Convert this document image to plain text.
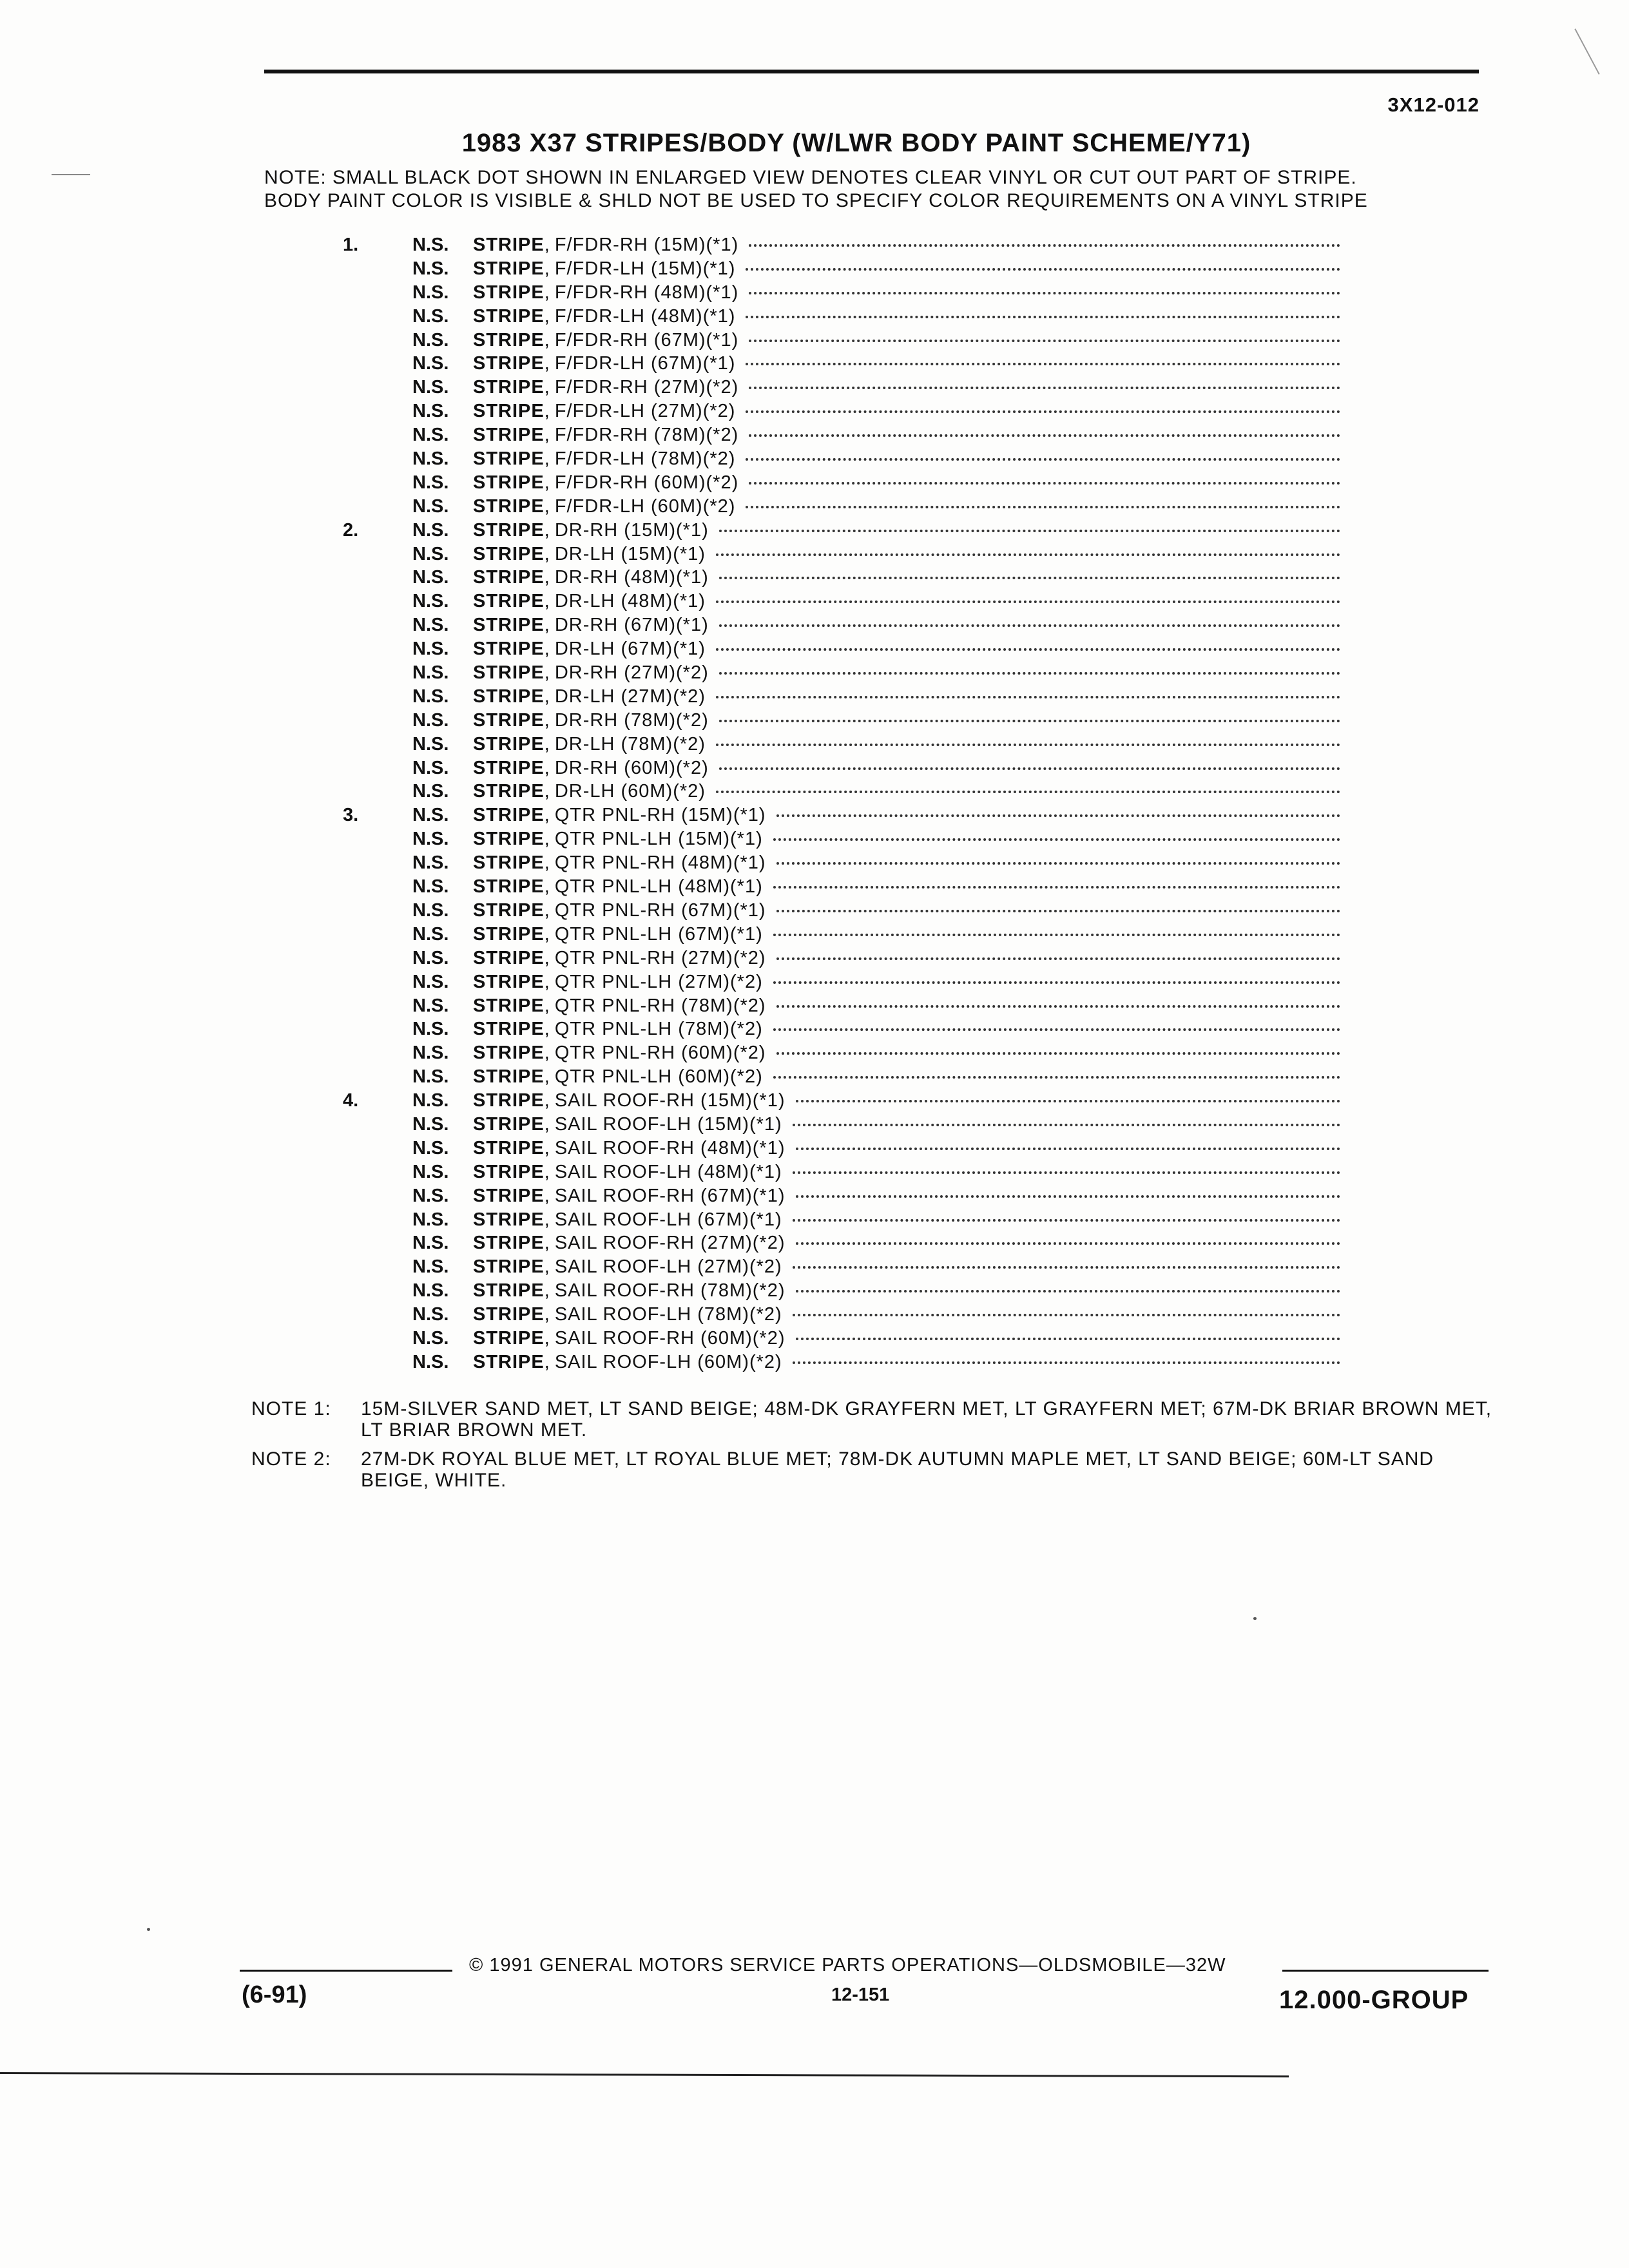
3X12-012
1983 X37 STRIPES/BODY (W/LWR BODY PAINT SCHEME/Y71)
NOTE: SMALL BLACK DOT SHOWN IN ENLARGED VIEW DENOTES CLEAR VINYL OR CUT OUT PART OF STRIPE.
BODY PAINT COLOR IS VISIBLE & SHLD NOT BE USED TO SPECIFY COLOR REQUIREMENTS ON A VINYL STRIPE
1.	N.S.	STRIPE , F/FDR-RH (15M)(*1)
N.S.	STRIPE , F/FDR-LH (15M)(*1)
N.S.	STRIPE , F/FDR-RH (48M)(*1)
N.S.	STRIPE , F/FDR-LH (48M)(*1)
N.S.	STRIPE , F/FDR-RH (67M)(*1)
N.S.	STRIPE , F/FDR-LH (67M)(*1)
N.S.	STRIPE , F/FDR-RH (27M)(*2)
N.S.	STRIPE , F/FDR-LH (27M)(*2)
N.S.	STRIPE , F/FDR-RH (78M)(*2)
N.S.	STRIPE , F/FDR-LH (78M)(*2)
N.S.	STRIPE , F/FDR-RH (60M)(*2)
N.S.	STRIPE , F/FDR-LH (60M)(*2)
2.	N.S.	STRIPE , DR-RH (15M)(*1)
N.S.	STRIPE , DR-LH (15M)(*1)
N.S.	STRIPE , DR-RH (48M)(*1)
N.S.	STRIPE , DR-LH (48M)(*1)
N.S.	STRIPE , DR-RH (67M)(*1)
N.S.	STRIPE , DR-LH (67M)(*1)
N.S.	STRIPE , DR-RH (27M)(*2)
N.S.	STRIPE , DR-LH (27M)(*2)
N.S.	STRIPE , DR-RH (78M)(*2)
N.S.	STRIPE , DR-LH (78M)(*2)
N.S.	STRIPE , DR-RH (60M)(*2)
N.S.	STRIPE , DR-LH (60M)(*2)
3.	N.S.	STRIPE , QTR PNL-RH (15M)(*1)
N.S.	STRIPE , QTR PNL-LH (15M)(*1)
N.S.	STRIPE , QTR PNL-RH (48M)(*1)
N.S.	STRIPE , QTR PNL-LH (48M)(*1)
N.S.	STRIPE , QTR PNL-RH (67M)(*1)
N.S.	STRIPE , QTR PNL-LH (67M)(*1)
N.S.	STRIPE , QTR PNL-RH (27M)(*2)
N.S.	STRIPE , QTR PNL-LH (27M)(*2)
N.S.	STRIPE , QTR PNL-RH (78M)(*2)
N.S.	STRIPE , QTR PNL-LH (78M)(*2)
N.S.	STRIPE , QTR PNL-RH (60M)(*2)
N.S.	STRIPE , QTR PNL-LH (60M)(*2)
4.	N.S.	STRIPE , SAIL ROOF-RH (15M)(*1)
N.S.	STRIPE , SAIL ROOF-LH (15M)(*1)
N.S.	STRIPE , SAIL ROOF-RH (48M)(*1)
N.S.	STRIPE , SAIL ROOF-LH (48M)(*1)
N.S.	STRIPE , SAIL ROOF-RH (67M)(*1)
N.S.	STRIPE , SAIL ROOF-LH (67M)(*1)
N.S.	STRIPE , SAIL ROOF-RH (27M)(*2)
N.S.	STRIPE , SAIL ROOF-LH (27M)(*2)
N.S.	STRIPE , SAIL ROOF-RH (78M)(*2)
N.S.	STRIPE , SAIL ROOF-LH (78M)(*2)
N.S.	STRIPE , SAIL ROOF-RH (60M)(*2)
N.S.	STRIPE , SAIL ROOF-LH (60M)(*2)
NOTE 1:	15M-SILVER SAND MET, LT SAND BEIGE; 48M-DK GRAYFERN MET, LT GRAYFERN MET; 67M-DK BRIAR BROWN MET, LT BRIAR BROWN MET.
NOTE 2:	27M-DK ROYAL BLUE MET, LT ROYAL BLUE MET; 78M-DK AUTUMN MAPLE MET, LT SAND BEIGE; 60M-LT SAND BEIGE, WHITE.
© 1991 GENERAL MOTORS SERVICE PARTS OPERATIONS—OLDSMOBILE—32W
(6-91)	12-151	12.000-GROUP
